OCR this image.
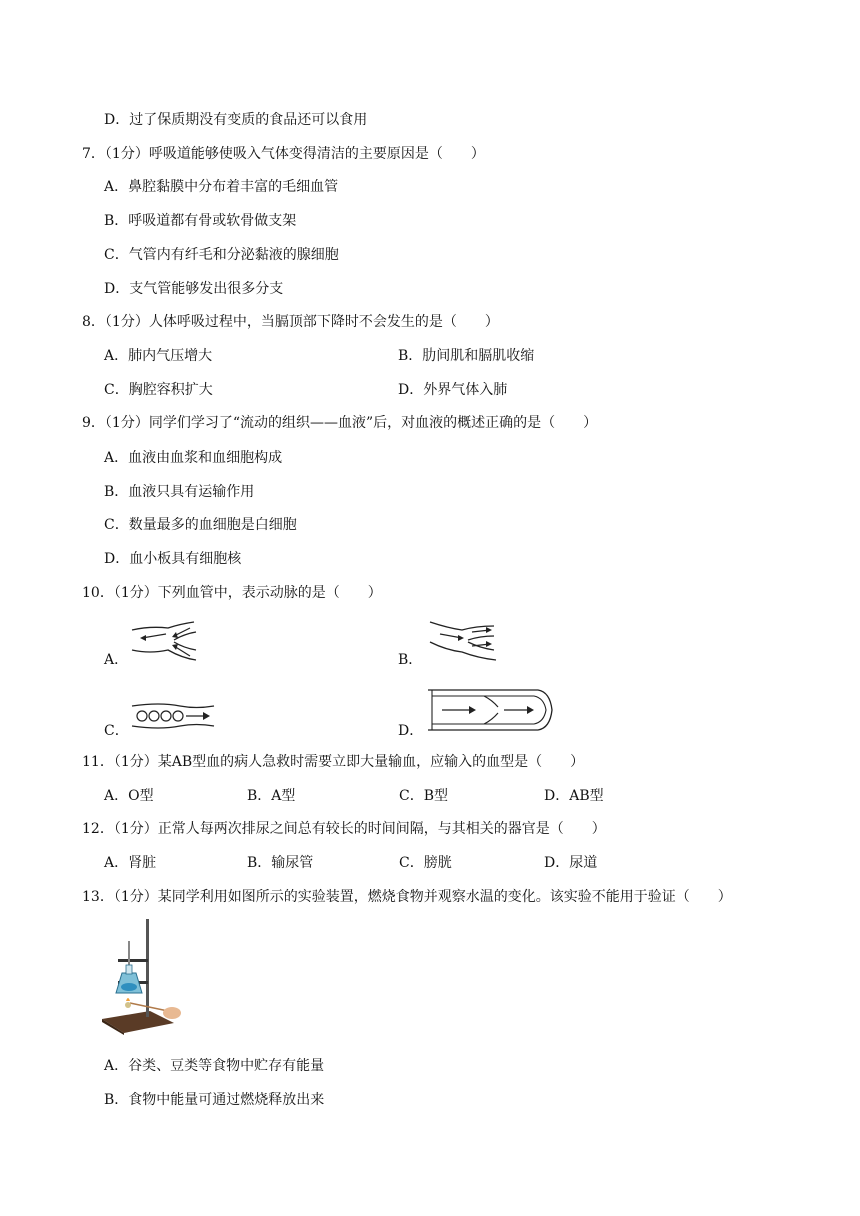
D．过了保质期没有变质的食品还可以食用
7．（1分）呼吸道能够使吸入气体变得清洁的主要原因是（　　）
A．鼻腔黏膜中分布着丰富的毛细血管
B．呼吸道都有骨或软骨做支架
C．气管内有纤毛和分泌黏液的腺细胞
D．支气管能够发出很多分支
8．（1分）人体呼吸过程中，当膈顶部下降时不会发生的是（　　）
A．肺内气压增大	B．肋间肌和膈肌收缩
C．胸腔容积扩大	D．外界气体入肺
9．（1分）同学们学习了“流动的组织——血液”后，对血液的概述正确的是（　　）
A．血液由血浆和血细胞构成
B．血液只具有运输作用
C．数量最多的血细胞是白细胞
D．血小板具有细胞核
10．（1分）下列血管中，表示动脉的是（　　）
A．	B．
C．	D．
11．（1分）某AB型血的病人急救时需要立即大量输血，应输入的血型是（　　）
A．O型	B．A型	C．B型	D．AB型
12．（1分）正常人每两次排尿之间总有较长的时间间隔，与其相关的器官是（　　）
A．肾脏	B．输尿管	C．膀胱	D．尿道
13．（1分）某同学利用如图所示的实验装置，燃烧食物并观察水温的变化。该实验不能用于验证（　　）
A．谷类、豆类等食物中贮存有能量
B．食物中能量可通过燃烧释放出来
